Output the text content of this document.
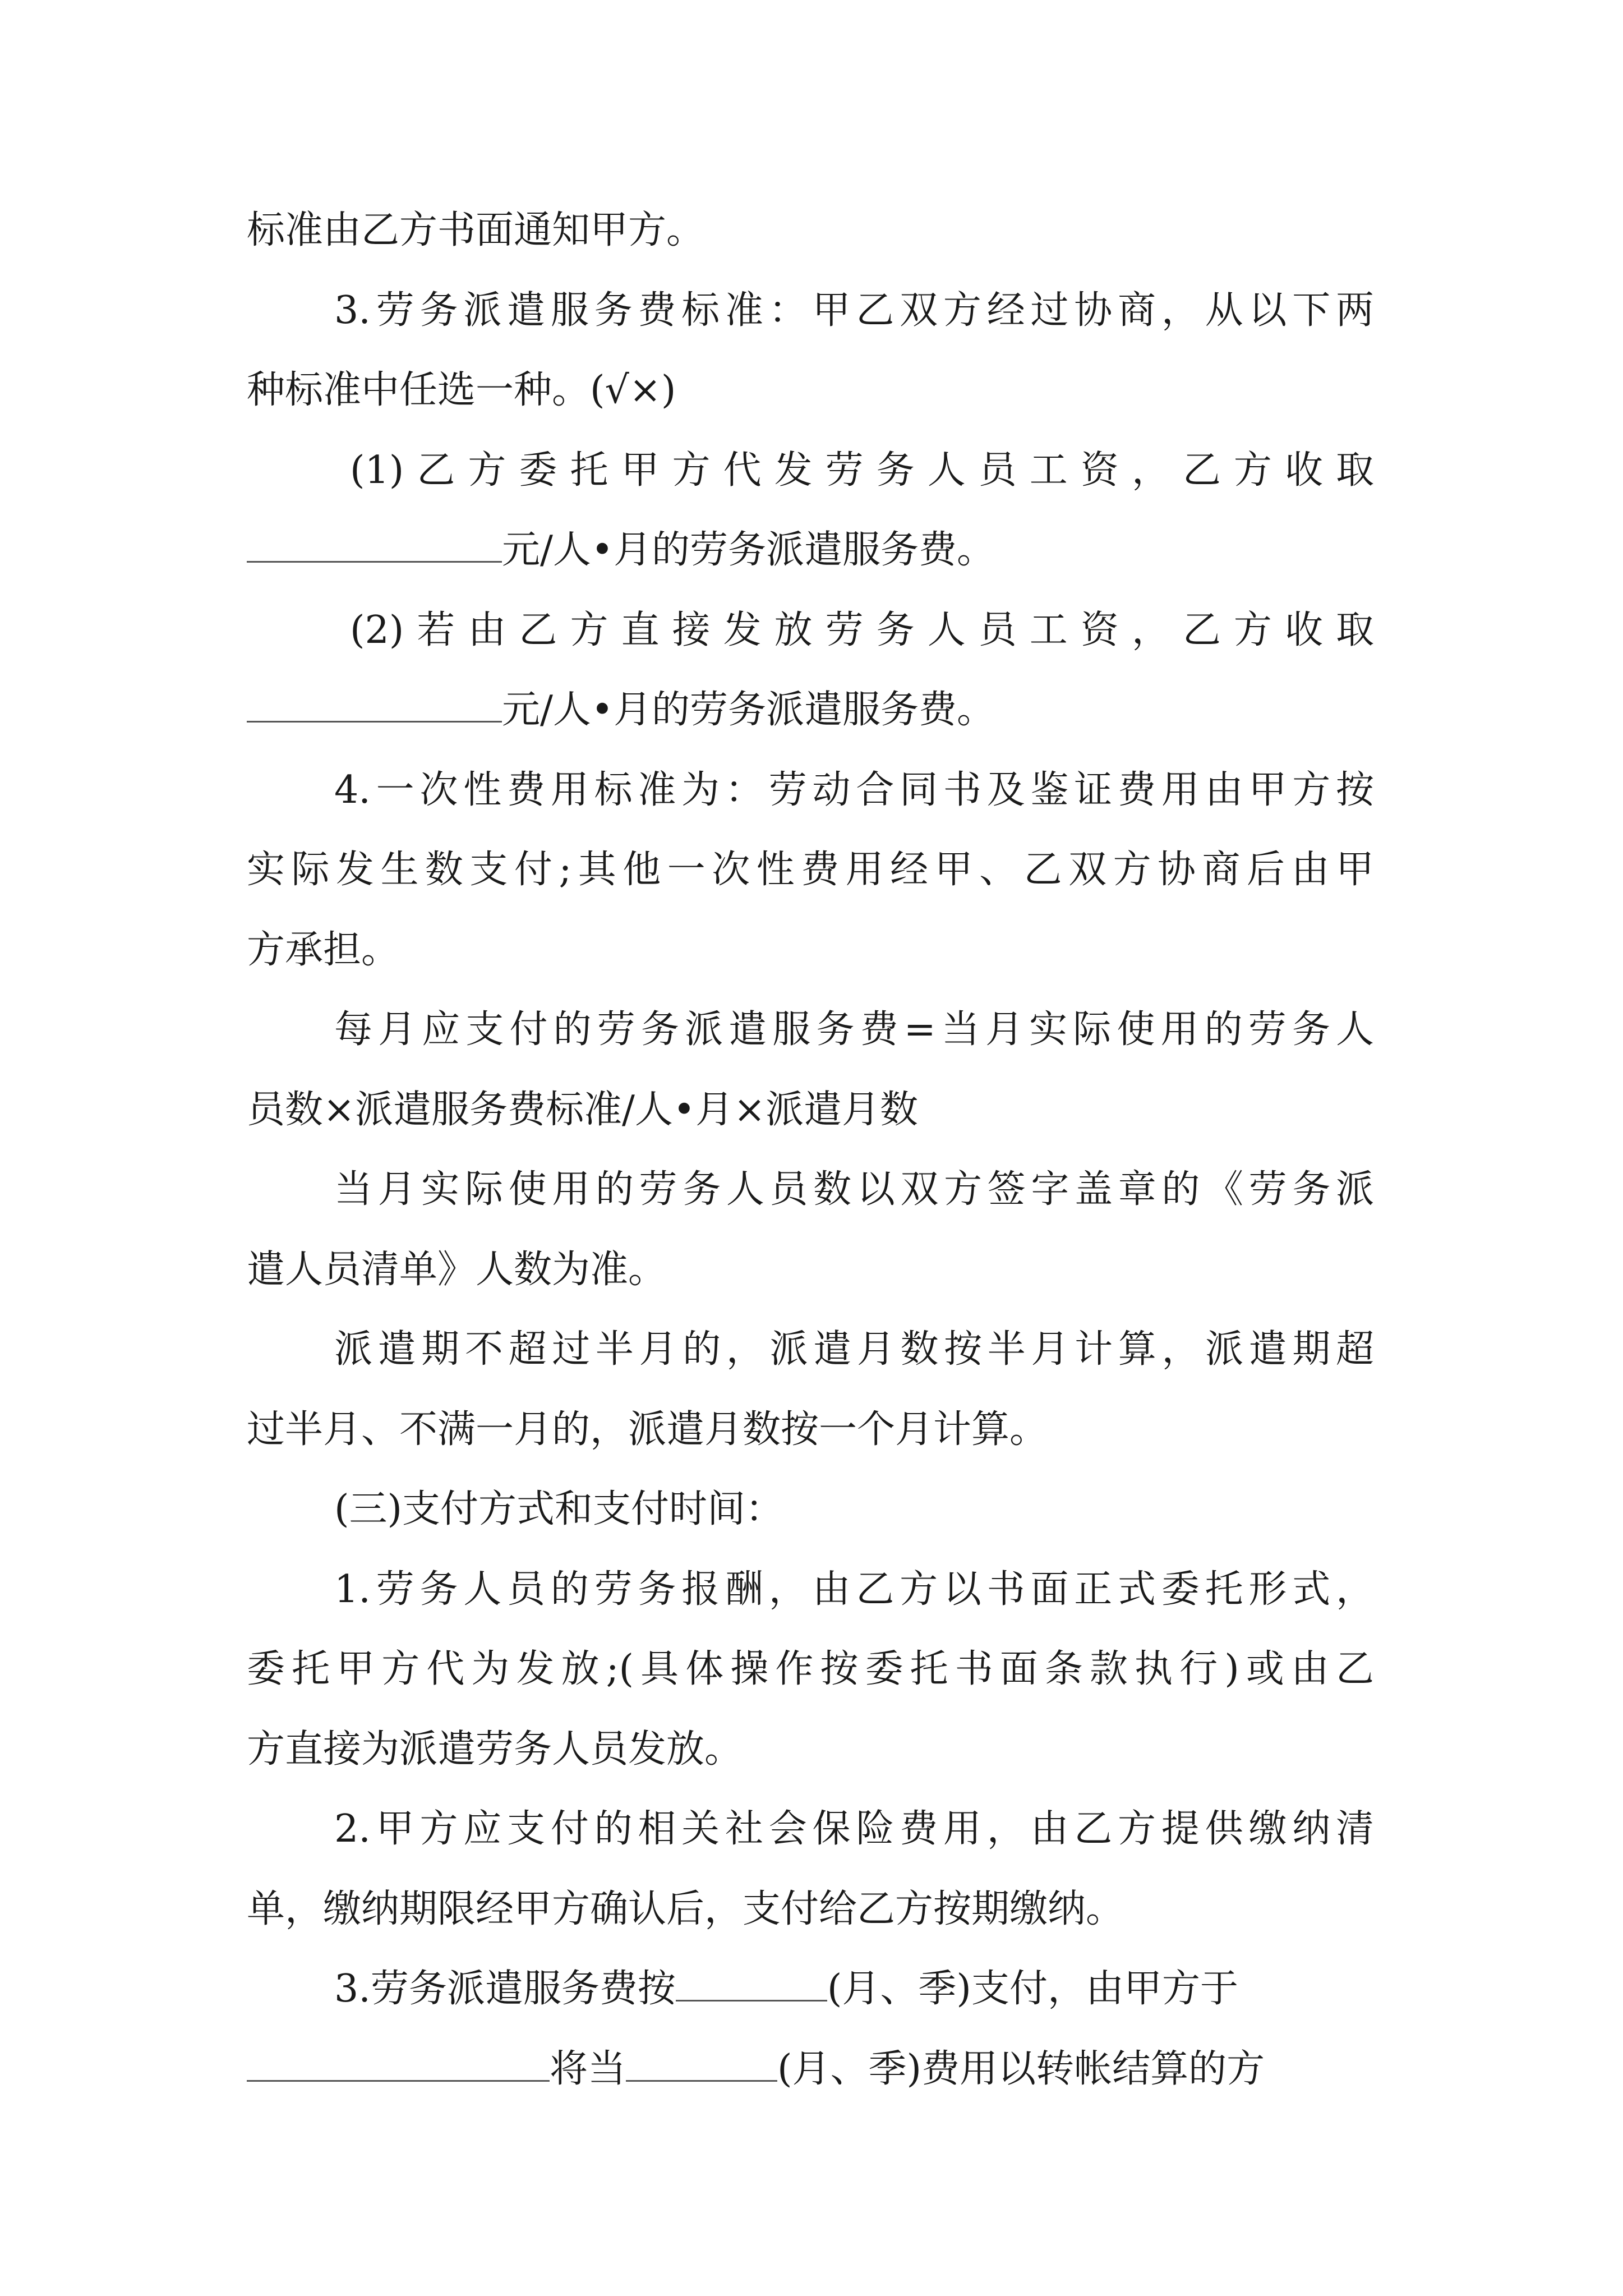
标准由乙方书面通知甲方。
3.劳务派遣服务费标准：甲乙双方经过协商，从以下两
种标准中任选一种。(√×)
(1)乙方委托甲方代发劳务人员工资，乙方收取
元/人•月的劳务派遣服务费。
(2)若由乙方直接发放劳务人员工资，乙方收取
元/人•月的劳务派遣服务费。
4.一次性费用标准为：劳动合同书及鉴证费用由甲方按
实际发生数支付;其他一次性费用经甲、乙双方协商后由甲
方承担。
每月应支付的劳务派遣服务费=当月实际使用的劳务人
员数×派遣服务费标准/人•月×派遣月数
当月实际使用的劳务人员数以双方签字盖章的《劳务派
遣人员清单》人数为准。
派遣期不超过半月的，派遣月数按半月计算，派遣期超
过半月、不满一月的，派遣月数按一个月计算。
(三)支付方式和支付时间：
1.劳务人员的劳务报酬，由乙方以书面正式委托形式，
委托甲方代为发放;(具体操作按委托书面条款执行)或由乙
方直接为派遣劳务人员发放。
2.甲方应支付的相关社会保险费用，由乙方提供缴纳清
单，缴纳期限经甲方确认后，支付给乙方按期缴纳。
3.劳务派遣服务费按	(月、季)支付，由甲方于
将当	(月、季)费用以转帐结算的方
